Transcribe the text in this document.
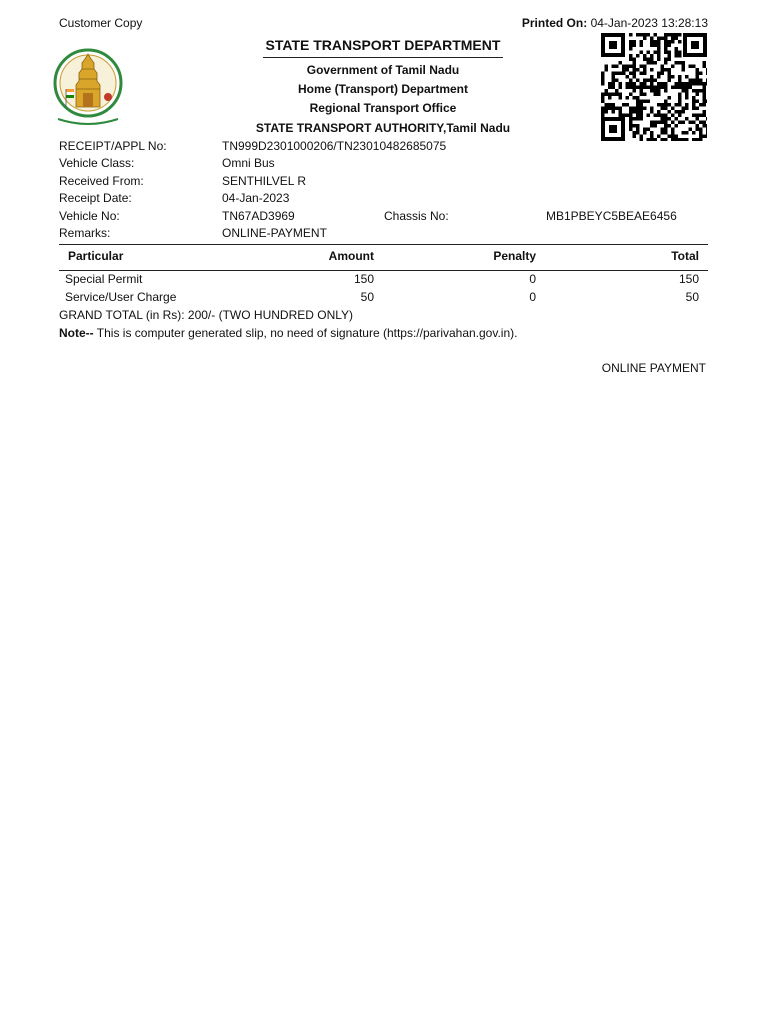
Customer Copy	Printed On: 04-Jan-2023 13:28:13
STATE TRANSPORT DEPARTMENT
Government of Tamil Nadu
Home (Transport) Department
Regional Transport Office
STATE TRANSPORT AUTHORITY,Tamil Nadu
RECEIPT/APPL No:	TN999D2301000206/TN23010482685075
Vehicle Class:	Omni Bus
Received From:	SENTHILVEL R
Receipt Date:	04-Jan-2023
Vehicle No:	TN67AD3969	Chassis No:	MB1PBEYC5BEAE6456
Remarks:	ONLINE-PAYMENT
Particular	Amount	Penalty	Total
Special Permit	150	0	150
Service/User Charge	50	0	50
GRAND TOTAL (in Rs): 200/- (TWO HUNDRED ONLY)
Note-- This is computer generated slip, no need of signature (https://parivahan.gov.in).
ONLINE PAYMENT
